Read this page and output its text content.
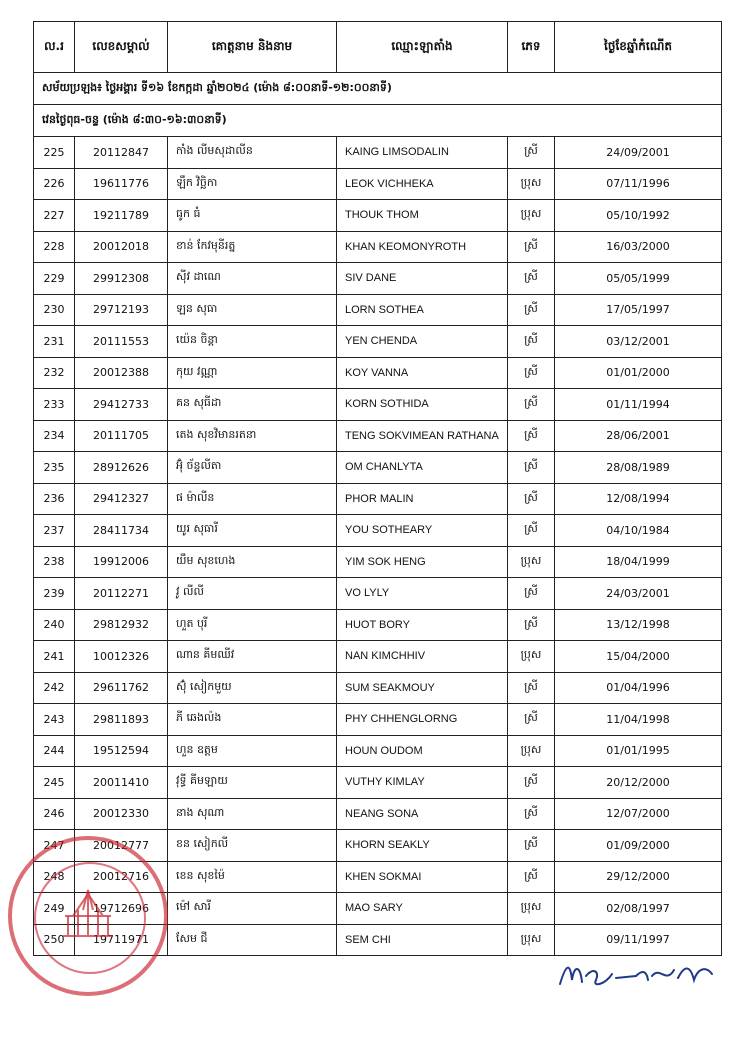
ល.រ	លេខសម្គាល់	គោត្តនាម និងនាម	ឈ្មោះឡាតាំង	ភេទ	ថ្ងៃខែឆ្នាំកំណើត
សម័យប្រឡង៖ ថ្ងៃអង្គារ ទី១៦ ខែកក្កដា ឆ្នាំ២០២៤ (ម៉ោង ៨:០០នាទី-១២:០០នាទី)					
វេនថ្ងៃពុធ-ចន្ទ (ម៉ោង ៨:៣០-១៦:៣០នាទី)					
225	20112847	កាំង លីមសុដាលីន	KAING LIMSODALIN	ស្រី	24/09/2001
226	19611776	ឡឹក វិច្ឆិកា	LEOK VICHHEKA	ប្រុស	07/11/1996
227	19211789	ធូក ធំ	THOUK THOM	ប្រុស	05/10/1992
228	20012018	ខាន់ កែវមុនីរត្ន	KHAN KEOMONYROTH	ស្រី	16/03/2000
229	29912308	ស៊ីវ ដាណេ	SIV DANE	ស្រី	05/05/1999
230	29712193	ឡន សុធា	LORN SOTHEA	ស្រី	17/05/1997
231	20111553	យ៉េន ចិន្ដា	YEN CHENDA	ស្រី	03/12/2001
232	20012388	កុយ វណ្ណា	KOY VANNA	ស្រី	01/01/2000
233	29412733	គន សុធីដា	KORN SOTHIDA	ស្រី	01/11/1994
234	20111705	តេង សុខវិមានរតនា	TENG SOKVIMEAN RATHANA	ស្រី	28/06/2001
235	28912626	អ៊ុំ ច័ន្ទលីតា	OM CHANLYTA	ស្រី	28/08/1989
236	29412327	ផ ម៉ាលីន	PHOR MALIN	ស្រី	12/08/1994
237	28411734	យូរ សុធារី	YOU SOTHEARY	ស្រី	04/10/1984
238	19912006	យឹម សុខហេង	YIM SOK HENG	ប្រុស	18/04/1999
239	20112271	វូ លីលី	VO LYLY	ស្រី	24/03/2001
240	29812932	ហួត បុរី	HUOT BORY	ស្រី	13/12/1998
241	10012326	ណាន គីមឈីវ	NAN KIMCHHIV	ប្រុស	15/04/2000
242	29611762	ស៊ុំ សៀកមួយ	SUM SEAKMOUY	ស្រី	01/04/1996
243	29811893	ភី ឆេងល៉ង	PHY CHHENGLORNG	ស្រី	11/04/1998
244	19512594	ហួន ឧត្តម	HOUN OUDOM	ប្រុស	01/01/1995
245	20011410	វុទ្ធី គីមឡាយ	VUTHY KIMLAY	ស្រី	20/12/2000
246	20012330	នាង សុណា	NEANG SONA	ស្រី	12/07/2000
247	20012777	ខន សៀកលី	KHORN SEAKLY	ស្រី	01/09/2000
248	20012716	ខេន សុខម៉ៃ	KHEN SOKMAI	ស្រី	29/12/2000
249	19712696	ម៉ៅ សារី	MAO SARY	ប្រុស	02/08/1997
250	19711971	សែម ជី	SEM CHI	ប្រុស	09/11/1997
